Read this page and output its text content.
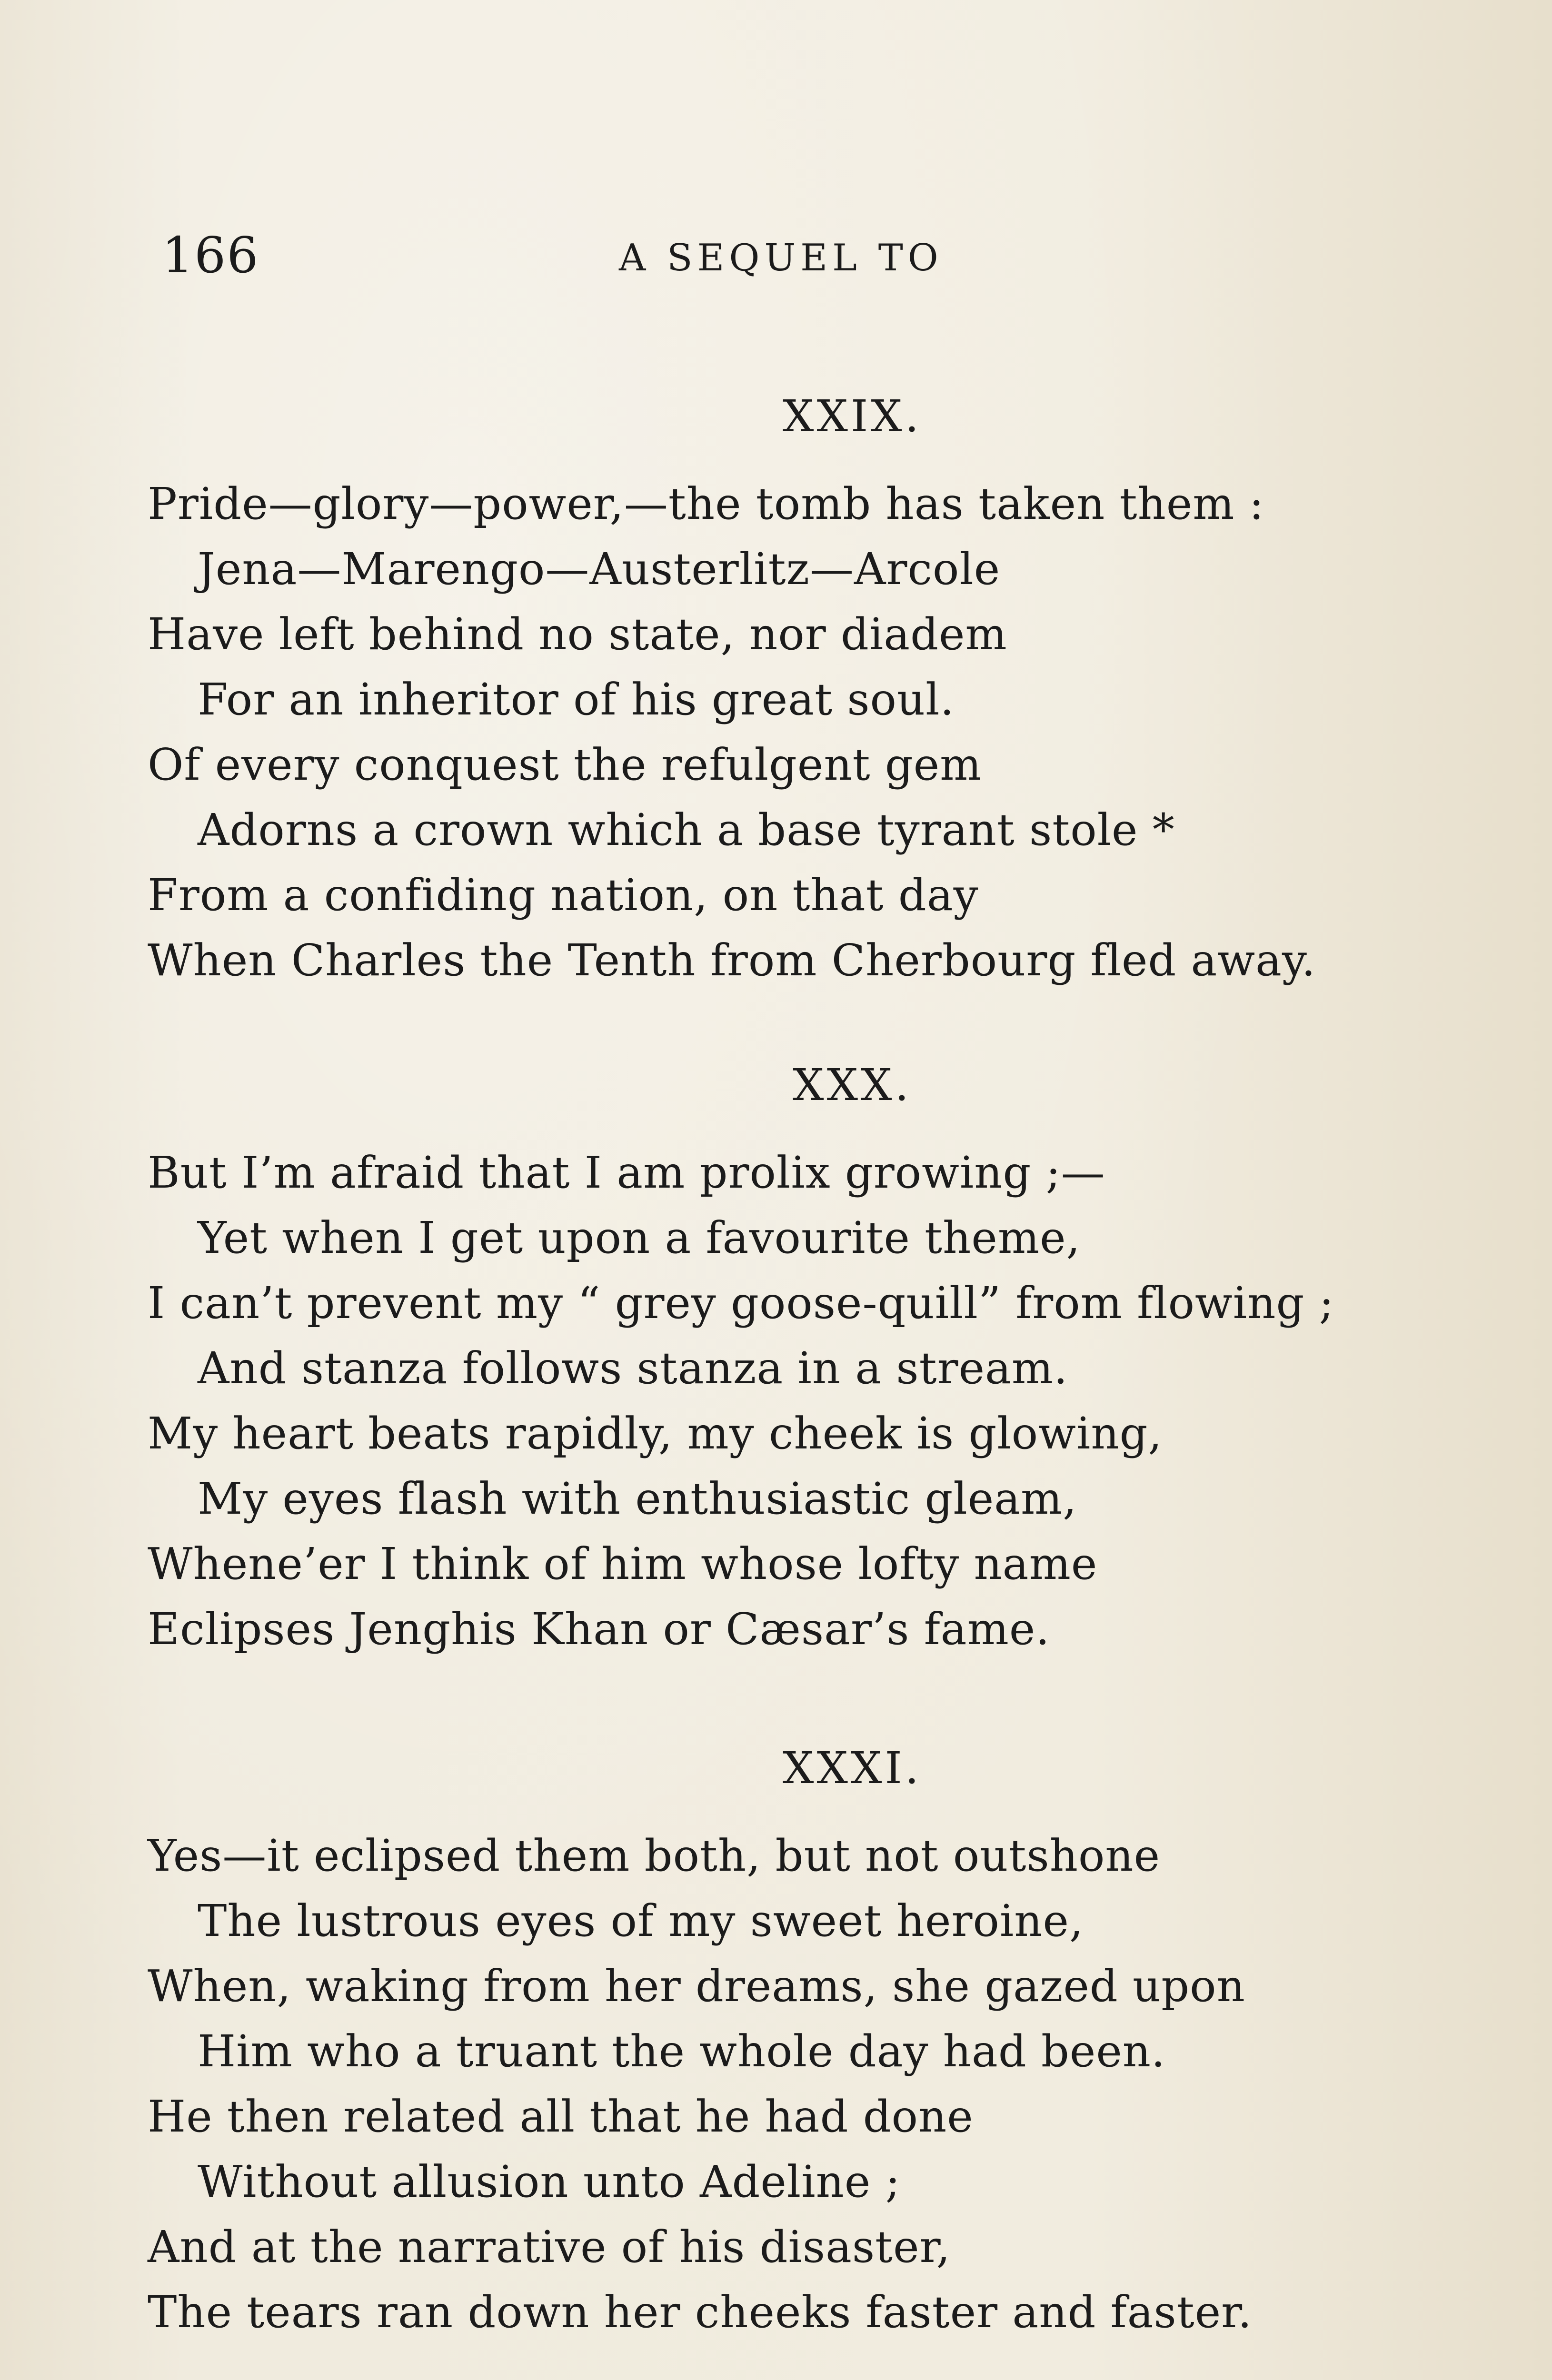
166	A SEQUEL TO
XXIX.
Pride—glory—power,—the tomb has taken them :
Jena—Marengo—Austerlitz—Arcole
Have left behind no state, nor diadem
For an inheritor of his great soul.
Of every conquest the refulgent gem
Adorns a crown which a base tyrant stole *
From a confiding nation, on that day
When Charles the Tenth from Cherbourg fled away.
XXX.
But I’m afraid that I am prolix growing ;—
Yet when I get upon a favourite theme,
I can’t prevent my “ grey goose-quill” from flowing ;
And stanza follows stanza in a stream.
My heart beats rapidly, my cheek is glowing,
My eyes flash with enthusiastic gleam,
Whene’er I think of him whose lofty name
Eclipses Jenghis Khan or Cæsar’s fame.
XXXI.
Yes—it eclipsed them both, but not outshone
The lustrous eyes of my sweet heroine,
When, waking from her dreams, she gazed upon
Him who a truant the whole day had been.
He then related all that he had done
Without allusion unto Adeline ;
And at the narrative of his disaster,
The tears ran down her cheeks faster and faster.
